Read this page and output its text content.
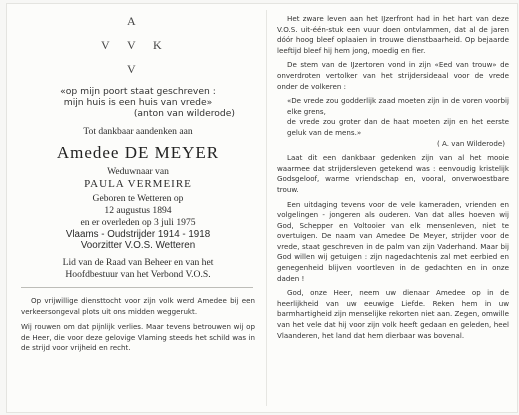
A
V V K
V
«op mijn poort staat geschreven :
mijn huis is een huis van vrede»
(anton van wilderode)
Tot dankbaar aandenken aan
Amedee DE MEYER
Weduwnaar van
PAULA VERMEIRE
Geboren te Wetteren op
12 augustus 1894
en er overleden op 3 juli 1975
Vlaams - Oudstrijder 1914 - 1918
Voorzitter V.O.S. Wetteren
Lid van de Raad van Beheer en van het
Hoofdbestuur van het Verbond V.O.S.

Op vrijwillige diensttocht voor zijn volk werd Amedee bij een verkeersongeval plots uit ons midden weggerukt.

Wij rouwen om dat pijnlijk verlies. Maar tevens betrouwen wij op de Heer, die voor deze gelovige Vlaming steeds het schild was in de strijd voor vrijheid en recht.

Het zware leven aan het IJzerfront had in het hart van deze V.O.S. uit-één-stuk een vuur doen ontvlammen, dat al de jaren dóór hoog bleef oplaaien in trouwe dienstbaarheid. Op bejaarde leeftijd bleef hij hem jong, moedig en fier.

De stem van de IJzertoren vond in zijn «Eed van trouw» de onverdroten vertolker van het strijdersideaal voor de vrede onder de volkeren :

«De vrede zou godderlijk zaad moeten zijn in de voren voorbij elke grens,
de vrede zou groter dan de haat moeten zijn en het eerste geluk van de mens.»

( A. van Wilderode)

Laat dit een dankbaar gedenken zijn van al het mooie waarmee dat strijdersleven getekend was : eenvoudig kristelijk Godsgeloof, warme vriendschap en, vooral, onverwoestbare trouw.

Een uitdaging tevens voor de vele kameraden, vrienden en volgelingen - jongeren als ouderen. Van dat alles hoeven wij God, Schepper en Voltooier van elk mensenleven, niet te overtuigen. De naam van Amedee De Meyer, strijder voor de vrede, staat geschreven in de palm van zijn Vaderhand. Maar bij God willen wij getuigen : zijn nagedachtenis zal met eerbied en genegenheid blijven voortleven in de gedachten en in onze daden !

God, onze Heer, neem uw dienaar Amedee op in de heerlijkheid van uw eeuwige Liefde. Reken hem in uw barmhartigheid zijn menselijke rekorten niet aan. Zegen, omwille van het vele dat hij voor zijn volk heeft gedaan en geleden, heel Vlaanderen, het land dat hem dierbaar was bovenal.
